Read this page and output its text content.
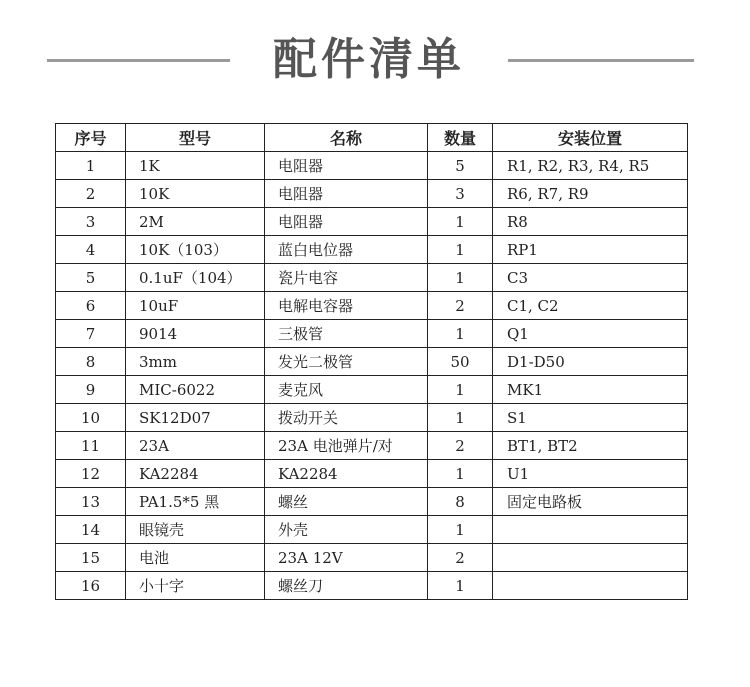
配件清单
序号	型号	名称	数量	安装位置
1	1K	电阻器	5	R1, R2, R3, R4, R5
2	10K	电阻器	3	R6, R7, R9
3	2M	电阻器	1	R8
4	10K（103）	蓝白电位器	1	RP1
5	0.1uF（104）	瓷片电容	1	C3
6	10uF	电解电容器	2	C1, C2
7	9014	三极管	1	Q1
8	3mm	发光二极管	50	D1-D50
9	MIC-6022	麦克风	1	MK1
10	SK12D07	拨动开关	1	S1
11	23A	23A 电池弹片/对	2	BT1, BT2
12	KA2284	KA2284	1	U1
13	PA1.5*5 黑	螺丝	8	固定电路板
14	眼镜壳	外壳	1	
15	电池	23A 12V	2	
16	小十字	螺丝刀	1	
